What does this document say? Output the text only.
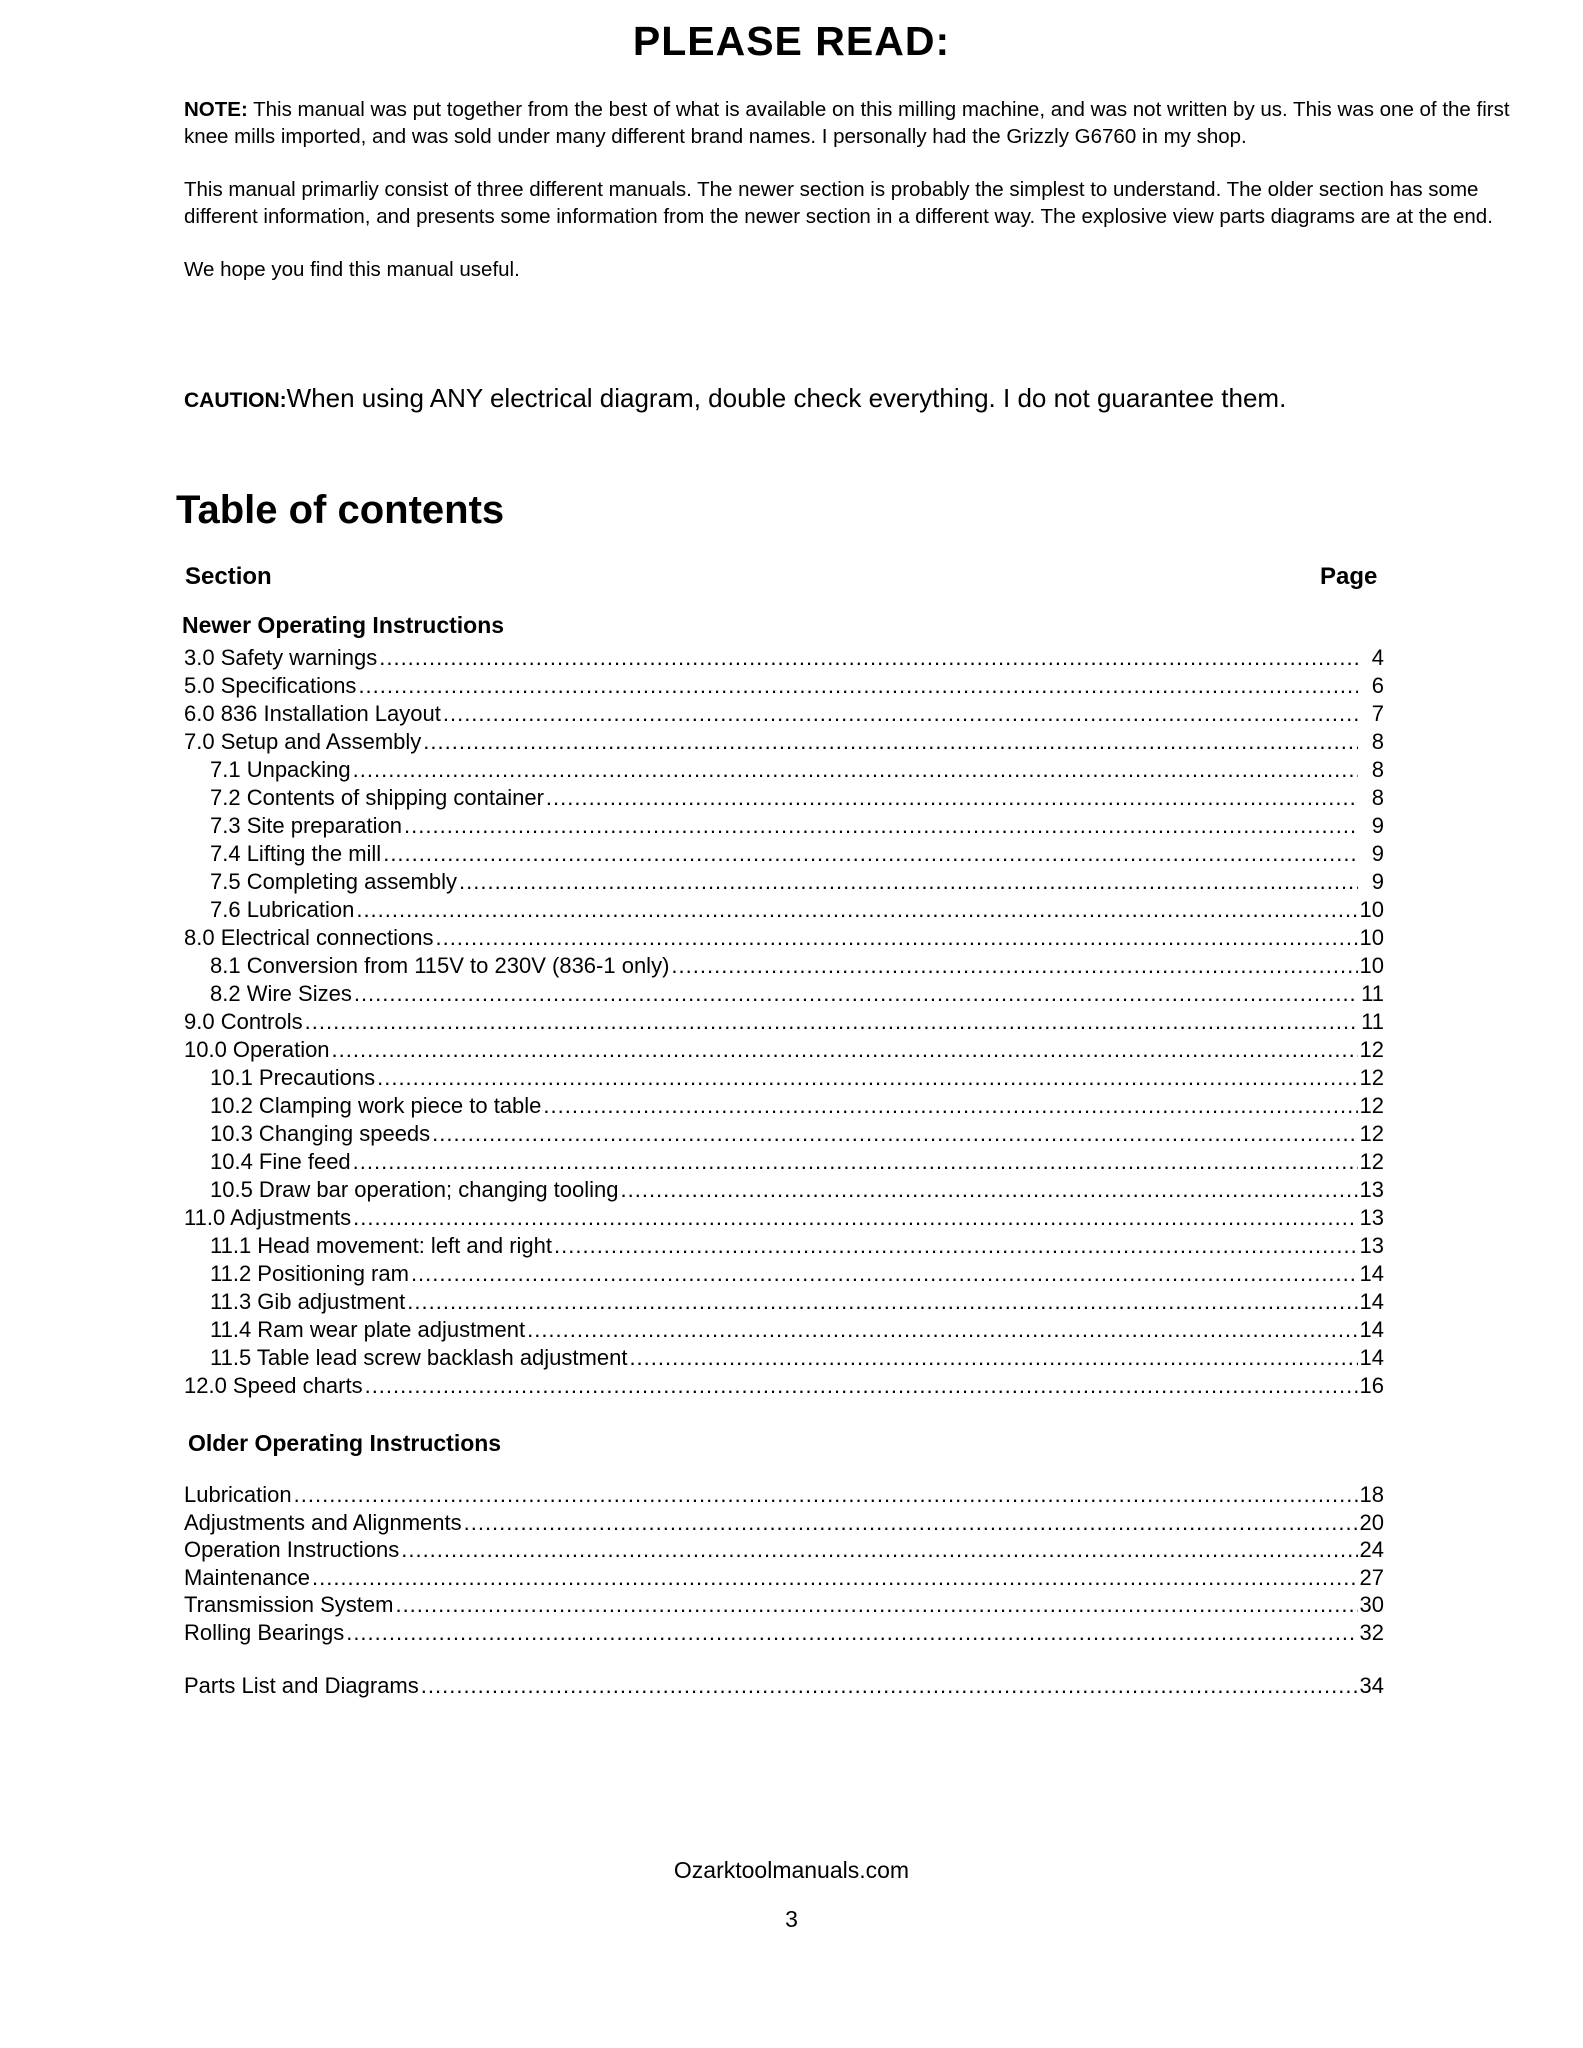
PLEASE READ:

NOTE: This manual was put together from the best of what is available on this milling machine, and was not written by us. This was one of the first knee mills imported, and was sold under many different brand names. I personally had the Grizzly G6760 in my shop.

This manual primarliy consist of three different manuals. The newer section is probably the simplest to understand. The older section has some different information, and presents some information from the newer section in a different way. The explosive view parts diagrams are at the end.

We hope you find this manual useful.

CAUTION:When using ANY electrical diagram, double check everything. I do not guarantee them.
Table of contents
Section	Page
Newer Operating Instructions
3.0 Safety warnings .....	4
5.0 Specifications .....	6
6.0 836 Installation Layout .....	7
7.0 Setup and Assembly .....	8
7.1 Unpacking .....	8
7.2 Contents of shipping container .....	8
7.3 Site preparation .....	9
7.4 Lifting the mill .....	9
7.5 Completing assembly .....	9
7.6 Lubrication .....	10
8.0 Electrical connections .....	10
8.1 Conversion from 115V to 230V (836-1 only) .....	10
8.2 Wire Sizes .....	11
9.0 Controls .....	11
10.0 Operation .....	12
10.1 Precautions .....	12
10.2 Clamping work piece to table .....	12
10.3 Changing speeds .....	12
10.4 Fine feed .....	12
10.5 Draw bar operation; changing tooling .....	13
11.0 Adjustments .....	13
11.1 Head movement: left and right .....	13
11.2 Positioning ram .....	14
11.3 Gib adjustment .....	14
11.4 Ram wear plate adjustment .....	14
11.5 Table lead screw backlash adjustment .....	14
12.0 Speed charts .....	16
Older Operating Instructions
Lubrication .....	18
Adjustments and Alignments .....	20
Operation Instructions .....	24
Maintenance .....	27
Transmission System .....	30
Rolling Bearings .....	32
Parts List and Diagrams .....	34
Ozarktoolmanuals.com
3
